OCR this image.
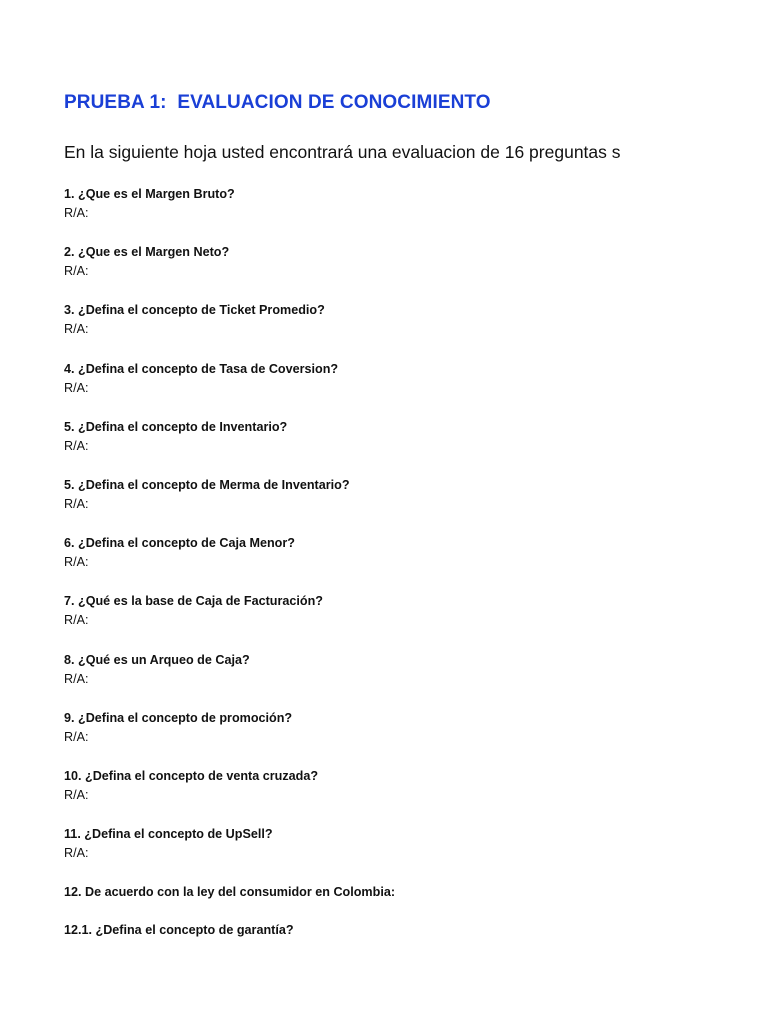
PRUEBA 1:  EVALUACION DE CONOCIMIENTO
En la siguiente hoja usted encontrará una evaluacion de 16 preguntas s
1. ¿Que es el Margen Bruto?
R/A:
2. ¿Que es el Margen Neto?
R/A:
3. ¿Defina el concepto de Ticket Promedio?
R/A:
4. ¿Defina el concepto de Tasa de Coversion?
R/A:
5. ¿Defina el concepto de Inventario?
R/A:
5. ¿Defina el concepto de Merma de Inventario?
R/A:
6. ¿Defina el concepto de Caja Menor?
R/A:
7. ¿Qué es la base de Caja de Facturación?
R/A:
8. ¿Qué es un Arqueo de Caja?
R/A:
9. ¿Defina el concepto de promoción?
R/A:
10. ¿Defina el concepto de venta cruzada?
R/A:
11. ¿Defina el concepto de UpSell?
R/A:
12. De acuerdo con la ley del consumidor en Colombia:
12.1. ¿Defina el concepto de garantía?
